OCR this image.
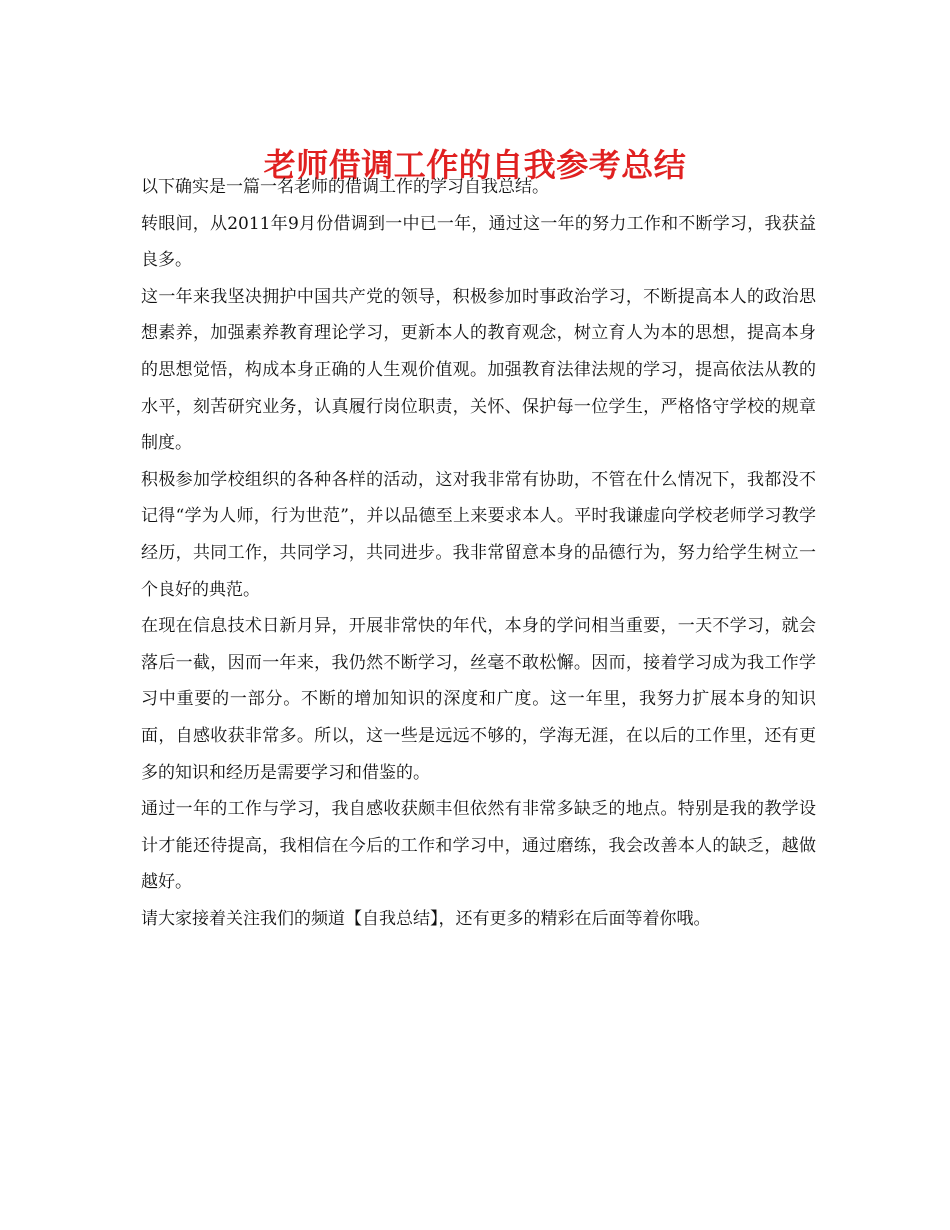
老师借调工作的自我参考总结

以下确实是一篇一名老师的借调工作的学习自我总结。

转眼间，从2011年9月份借调到一中已一年，通过这一年的努力工作和不断学习，我获益良多。

这一年来我坚决拥护中国共产党的领导，积极参加时事政治学习，不断提高本人的政治思想素养，加强素养教育理论学习，更新本人的教育观念，树立育人为本的思想，提高本身的思想觉悟，构成本身正确的人生观价值观。加强教育法律法规的学习，提高依法从教的水平，刻苦研究业务，认真履行岗位职责，关怀、保护每一位学生，严格恪守学校的规章制度。

积极参加学校组织的各种各样的活动，这对我非常有协助，不管在什么情况下，我都没不记得“学为人师，行为世范”，并以品德至上来要求本人。平时我谦虚向学校老师学习教学经历，共同工作，共同学习，共同进步。我非常留意本身的品德行为，努力给学生树立一个良好的典范。

在现在信息技术日新月异，开展非常快的年代，本身的学问相当重要，一天不学习，就会落后一截，因而一年来，我仍然不断学习，丝毫不敢松懈。因而，接着学习成为我工作学习中重要的一部分。不断的增加知识的深度和广度。这一年里，我努力扩展本身的知识面，自感收获非常多。所以，这一些是远远不够的，学海无涯，在以后的工作里，还有更多的知识和经历是需要学习和借鉴的。

通过一年的工作与学习，我自感收获颇丰但依然有非常多缺乏的地点。特别是我的教学设计才能还待提高，我相信在今后的工作和学习中，通过磨练，我会改善本人的缺乏，越做越好。

请大家接着关注我们的频道【自我总结】，还有更多的精彩在后面等着你哦。
